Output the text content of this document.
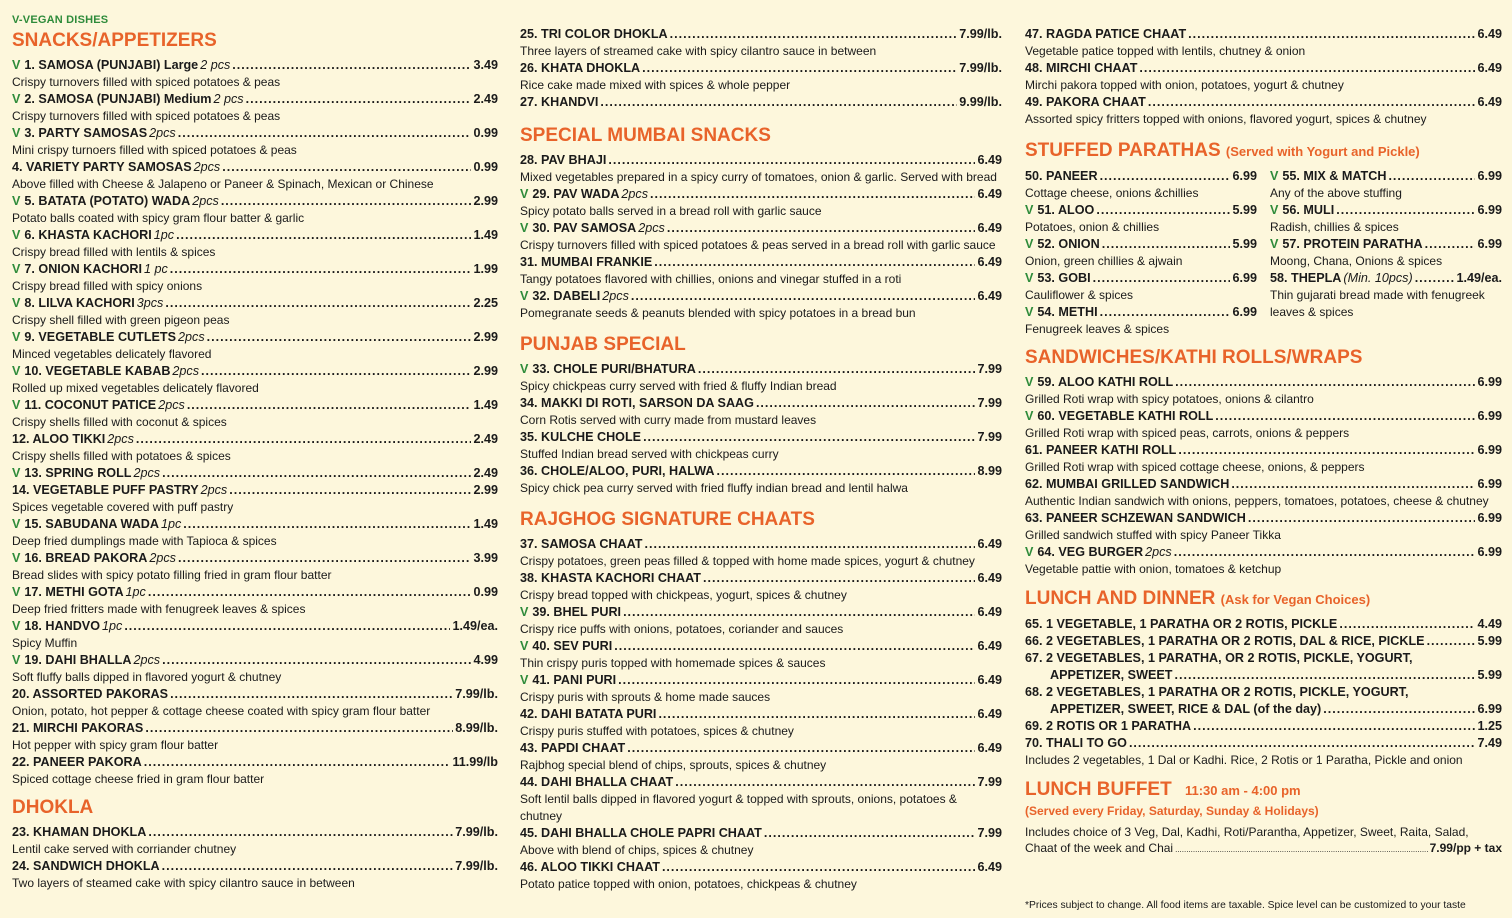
V-VEGAN DISHES
SNACKS/APPETIZERS
V 1. SAMOSA (PUNJABI) Large 2 pcs .....	3.49
Crispy turnovers filled with spiced potatoes & peas
V 2. SAMOSA (PUNJABI) Medium 2 pcs .....	2.49
Crispy turnovers filled with spiced potatoes & peas
V 3. PARTY SAMOSAS 2pcs .....	0.99
Mini crispy turnoers filled with spiced potatoes & peas
4. VARIETY PARTY SAMOSAS 2pcs .....	0.99
Above filled with Cheese & Jalapeno or Paneer & Spinach, Mexican or Chinese
V 5. BATATA (POTATO) WADA 2pcs .....	2.99
Potato balls coated with spicy gram flour batter & garlic
V 6. KHASTA KACHORI 1pc .....	1.49
Crispy bread filled with lentils & spices
V 7. ONION KACHORI 1 pc .....	1.99
Crispy bread filled with spicy onions
V 8. LILVA KACHORI 3pcs .....	2.25
Crispy shell filled with green pigeon peas
V 9. VEGETABLE CUTLETS 2pcs .....	2.99
Minced vegetables delicately flavored
V 10. VEGETABLE KABAB 2pcs .....	2.99
Rolled up mixed vegetables delicately flavored
V 11. COCONUT PATICE 2pcs .....	1.49
Crispy shells filled with coconut & spices
12. ALOO TIKKI 2pcs .....	2.49
Crispy shells filled with potatoes & spices
V 13. SPRING ROLL 2pcs .....	2.49
14. VEGETABLE PUFF PASTRY 2pcs .....	2.99
Spices vegetable covered with puff pastry
V 15. SABUDANA WADA 1pc .....	1.49
Deep fried dumplings made with Tapioca & spices
V 16. BREAD PAKORA 2pcs .....	3.99
Bread slides with spicy potato filling fried in gram flour batter
V 17. METHI GOTA 1pc .....	0.99
Deep fried fritters made with fenugreek leaves & spices
V 18. HANDVO 1pc .....	1.49/ea.
Spicy Muffin
V 19. DAHI BHALLA 2pcs .....	4.99
Soft fluffy balls dipped in flavored yogurt & chutney
20. ASSORTED PAKORAS .....	7.99/lb.
Onion, potato, hot pepper & cottage cheese coated with spicy gram flour batter
21. MIRCHI PAKORAS .....	8.99/lb.
Hot pepper with spicy gram flour batter
22. PANEER PAKORA .....	11.99/lb
Spiced cottage cheese fried in gram flour batter
DHOKLA
23. KHAMAN DHOKLA .....	7.99/lb.
Lentil cake served with corriander chutney
24. SANDWICH DHOKLA .....	7.99/lb.
Two layers of steamed cake with spicy cilantro sauce in between
25. TRI COLOR DHOKLA .....	7.99/lb.
Three layers of streamed cake with spicy cilantro sauce in between
26. KHATA DHOKLA .....	7.99/lb.
Rice cake made mixed with spices & whole pepper
27. KHANDVI .....	9.99/lb.
SPECIAL MUMBAI SNACKS
28. PAV BHAJI .....	6.49
Mixed vegetables prepared in a spicy curry of tomatoes, onion & garlic. Served with bread
V 29. PAV WADA 2pcs .....	6.49
Spicy potato balls served in a bread roll with garlic sauce
V 30. PAV SAMOSA 2pcs .....	6.49
Crispy turnovers filled with spiced potatoes & peas served in a bread roll with garlic sauce
31. MUMBAI FRANKIE .....	6.49
Tangy potatoes flavored with chillies, onions and vinegar stuffed in a roti
V 32. DABELI 2pcs .....	6.49
Pomegranate seeds & peanuts blended with spicy potatoes in a bread bun
PUNJAB SPECIAL
V 33. CHOLE PURI/BHATURA .....	7.99
Spicy chickpeas curry served with fried & fluffy Indian bread
34. MAKKI DI ROTI, SARSON DA SAAG .....	7.99
Corn Rotis served with curry made from mustard leaves
35. KULCHE CHOLE .....	7.99
Stuffed Indian bread served with chickpeas curry
36. CHOLE/ALOO, PURI, HALWA .....	8.99
Spicy chick pea curry served with fried fluffy indian bread and lentil halwa
RAJGHOG SIGNATURE CHAATS
37. SAMOSA CHAAT .....	6.49
Crispy potatoes, green peas filled & topped with home made spices, yogurt & chutney
38. KHASTA KACHORI CHAAT .....	6.49
Crispy bread topped with chickpeas, yogurt, spices & chutney
V 39. BHEL PURI .....	6.49
Crispy rice puffs with onions, potatoes, coriander and sauces
V 40. SEV PURI .....	6.49
Thin crispy puris topped with homemade spices & sauces
V 41. PANI PURI .....	6.49
Crispy puris with sprouts & home made sauces
42. DAHI BATATA PURI .....	6.49
Crispy puris stuffed with potatoes, spices & chutney
43. PAPDI CHAAT .....	6.49
Rajbhog special blend of chips, sprouts, spices & chutney
44. DAHI BHALLA CHAAT .....	7.99
Soft lentil balls dipped in flavored yogurt & topped with sprouts, onions, potatoes & chutney
45. DAHI BHALLA CHOLE PAPRI CHAAT .....	7.99
Above with blend of chips, spices & chutney
46. ALOO TIKKI CHAAT .....	6.49
Potato patice topped with onion, potatoes, chickpeas & chutney
47. RAGDA PATICE CHAAT .....	6.49
Vegetable patice topped with lentils, chutney & onion
48. MIRCHI CHAAT .....	6.49
Mirchi pakora topped with onion, potatoes, yogurt & chutney
49. PAKORA CHAAT .....	6.49
Assorted spicy fritters topped with onions, flavored yogurt, spices & chutney
STUFFED PARATHAS (Served with Yogurt and Pickle)
50. PANEER .....	6.99
Cottage cheese, onions &chillies
V 51. ALOO .....	5.99
Potatoes, onion & chillies
V 52. ONION .....	5.99
Onion, green chillies & ajwain
V 53. GOBI .....	6.99
Cauliflower & spices
V 54. METHI .....	6.99
Fenugreek leaves & spices
V 55. MIX & MATCH .....	6.99
Any of the above stuffing
V 56. MULI .....	6.99
Radish, chillies & spices
V 57. PROTEIN PARATHA .....	6.99
Moong, Chana, Onions & spices
58. THEPLA (Min. 10pcs) .....	1.49/ea.
Thin gujarati bread made with fenugreek leaves & spices
SANDWICHES/KATHI ROLLS/WRAPS
V 59. ALOO KATHI ROLL .....	6.99
Grilled Roti wrap with spicy potatoes, onions & cilantro
V 60. VEGETABLE KATHI ROLL .....	6.99
Grilled Roti wrap with spiced peas, carrots, onions & peppers
61. PANEER KATHI ROLL .....	6.99
Grilled Roti wrap with spiced cottage cheese, onions, & peppers
62. MUMBAI GRILLED SANDWICH .....	6.99
Authentic Indian sandwich with onions, peppers, tomatoes, potatoes, cheese & chutney
63. PANEER SCHZEWAN SANDWICH .....	6.99
Grilled sandwich stuffed with spicy Paneer Tikka
V 64. VEG BURGER 2pcs .....	6.99
Vegetable pattie with onion, tomatoes & ketchup
LUNCH AND DINNER (Ask for Vegan Choices)
65. 1 VEGETABLE, 1 PARATHA OR 2 ROTIS, PICKLE .....	4.49
66. 2 VEGETABLES, 1 PARATHA OR 2 ROTIS, DAL & RICE, PICKLE .....	5.99
67. 2 VEGETABLES, 1 PARATHA, OR 2 ROTIS, PICKLE, YOGURT,
APPETIZER, SWEET .....	5.99
68. 2 VEGETABLES, 1 PARATHA OR 2 ROTIS, PICKLE, YOGURT,
APPETIZER, SWEET, RICE & DAL (of the day) .....	6.99
69. 2 ROTIS OR 1 PARATHA .....	1.25
70. THALI TO GO .....	7.49
Includes 2 vegetables, 1 Dal or Kadhi. Rice, 2 Rotis or 1 Paratha, Pickle and onion
LUNCH BUFFET 11:30 am - 4:00 pm
(Served every Friday, Saturday, Sunday & Holidays)
Includes choice of 3 Veg, Dal, Kadhi, Roti/Parantha, Appetizer, Sweet, Raita, Salad,
Chaat of the week and Chai .....	7.99/pp + tax
*Prices subject to change. All food items are taxable. Spice level can be customized to your taste
